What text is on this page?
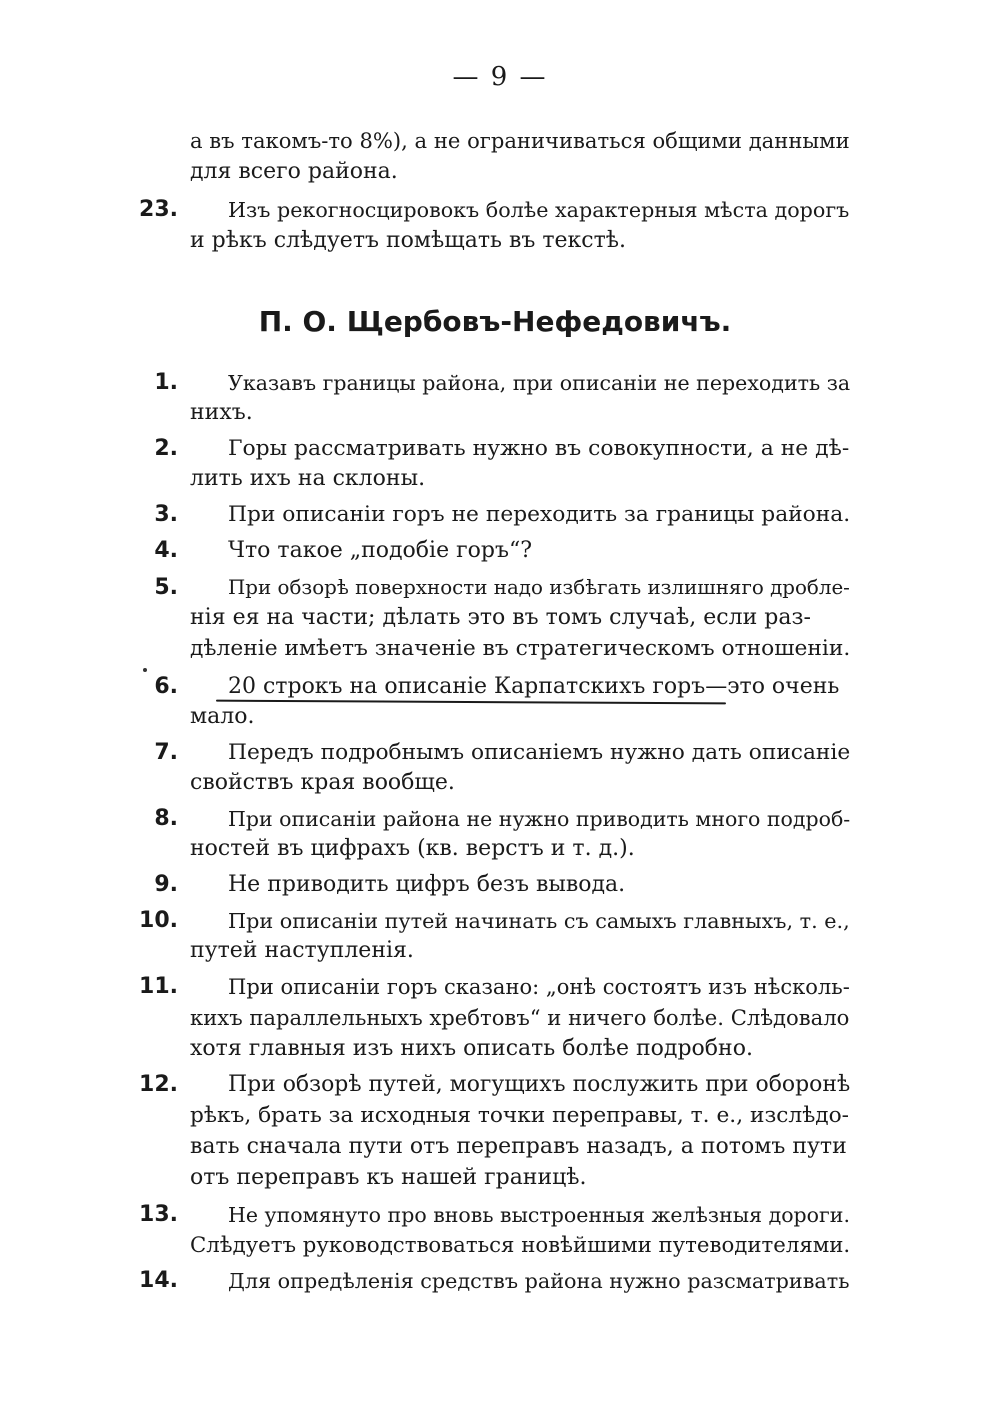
— 9 —
а въ такомъ-то 8%), а не ограничиваться общими данными
для всего района.
23. Изъ рекогносцировокъ болѣе характерныя мѣста дорогъ
и рѣкъ слѣдуетъ помѣщать въ текстѣ.
П. О. Щербовъ-Нефедовичъ.
1. Указавъ границы района, при описанiи не переходить за
нихъ.
2. Горы рассматривать нужно въ совокупности, а не дѣ-
лить ихъ на склоны.
3. При описанiи горъ не переходить за границы района.
4. Что такое „подобiе горъ“?
5.	При обзорѣ поверхности надо избѣгать излишняго дробле-
нiя ея на части; дѣлать это въ томъ случаѣ, если раз-
дѣленiе имѣетъ значенiе въ стратегическомъ отношенiи.
6. 20 строкъ на описанiе Карпатскихъ горъ—это очень
мало.
7. Передъ подробнымъ описанiемъ нужно дать описанiе
свойствъ края вообще.
8. При описанiи района не нужно приводить много подроб-
ностей въ цифрахъ (кв. верстъ и т. д.).
9. Не приводить цифръ безъ вывода.
10. При описанiи путей начинать съ самыхъ главныхъ, т. е.,
путей наступленiя.
11. При описанiи горъ сказано: „онѣ состоятъ изъ нѣсколь-
кихъ параллельныхъ хребтовъ“ и ничего болѣе. Слѣдовало
хотя главныя изъ нихъ описать болѣе подробно.
12. При обзорѣ путей, могущихъ послужить при оборонѣ
рѣкъ, брать за исходныя точки переправы, т. е., изслѣдо-
вать сначала пути отъ переправъ назадъ, а потомъ пути
отъ переправъ къ нашей границѣ.
13. Не упомянуто про вновь выстроенныя желѣзныя дороги.
Слѣдуетъ руководствоваться новѣйшими путеводителями.
14. Для опредѣленiя средствъ района нужно разсматривать
